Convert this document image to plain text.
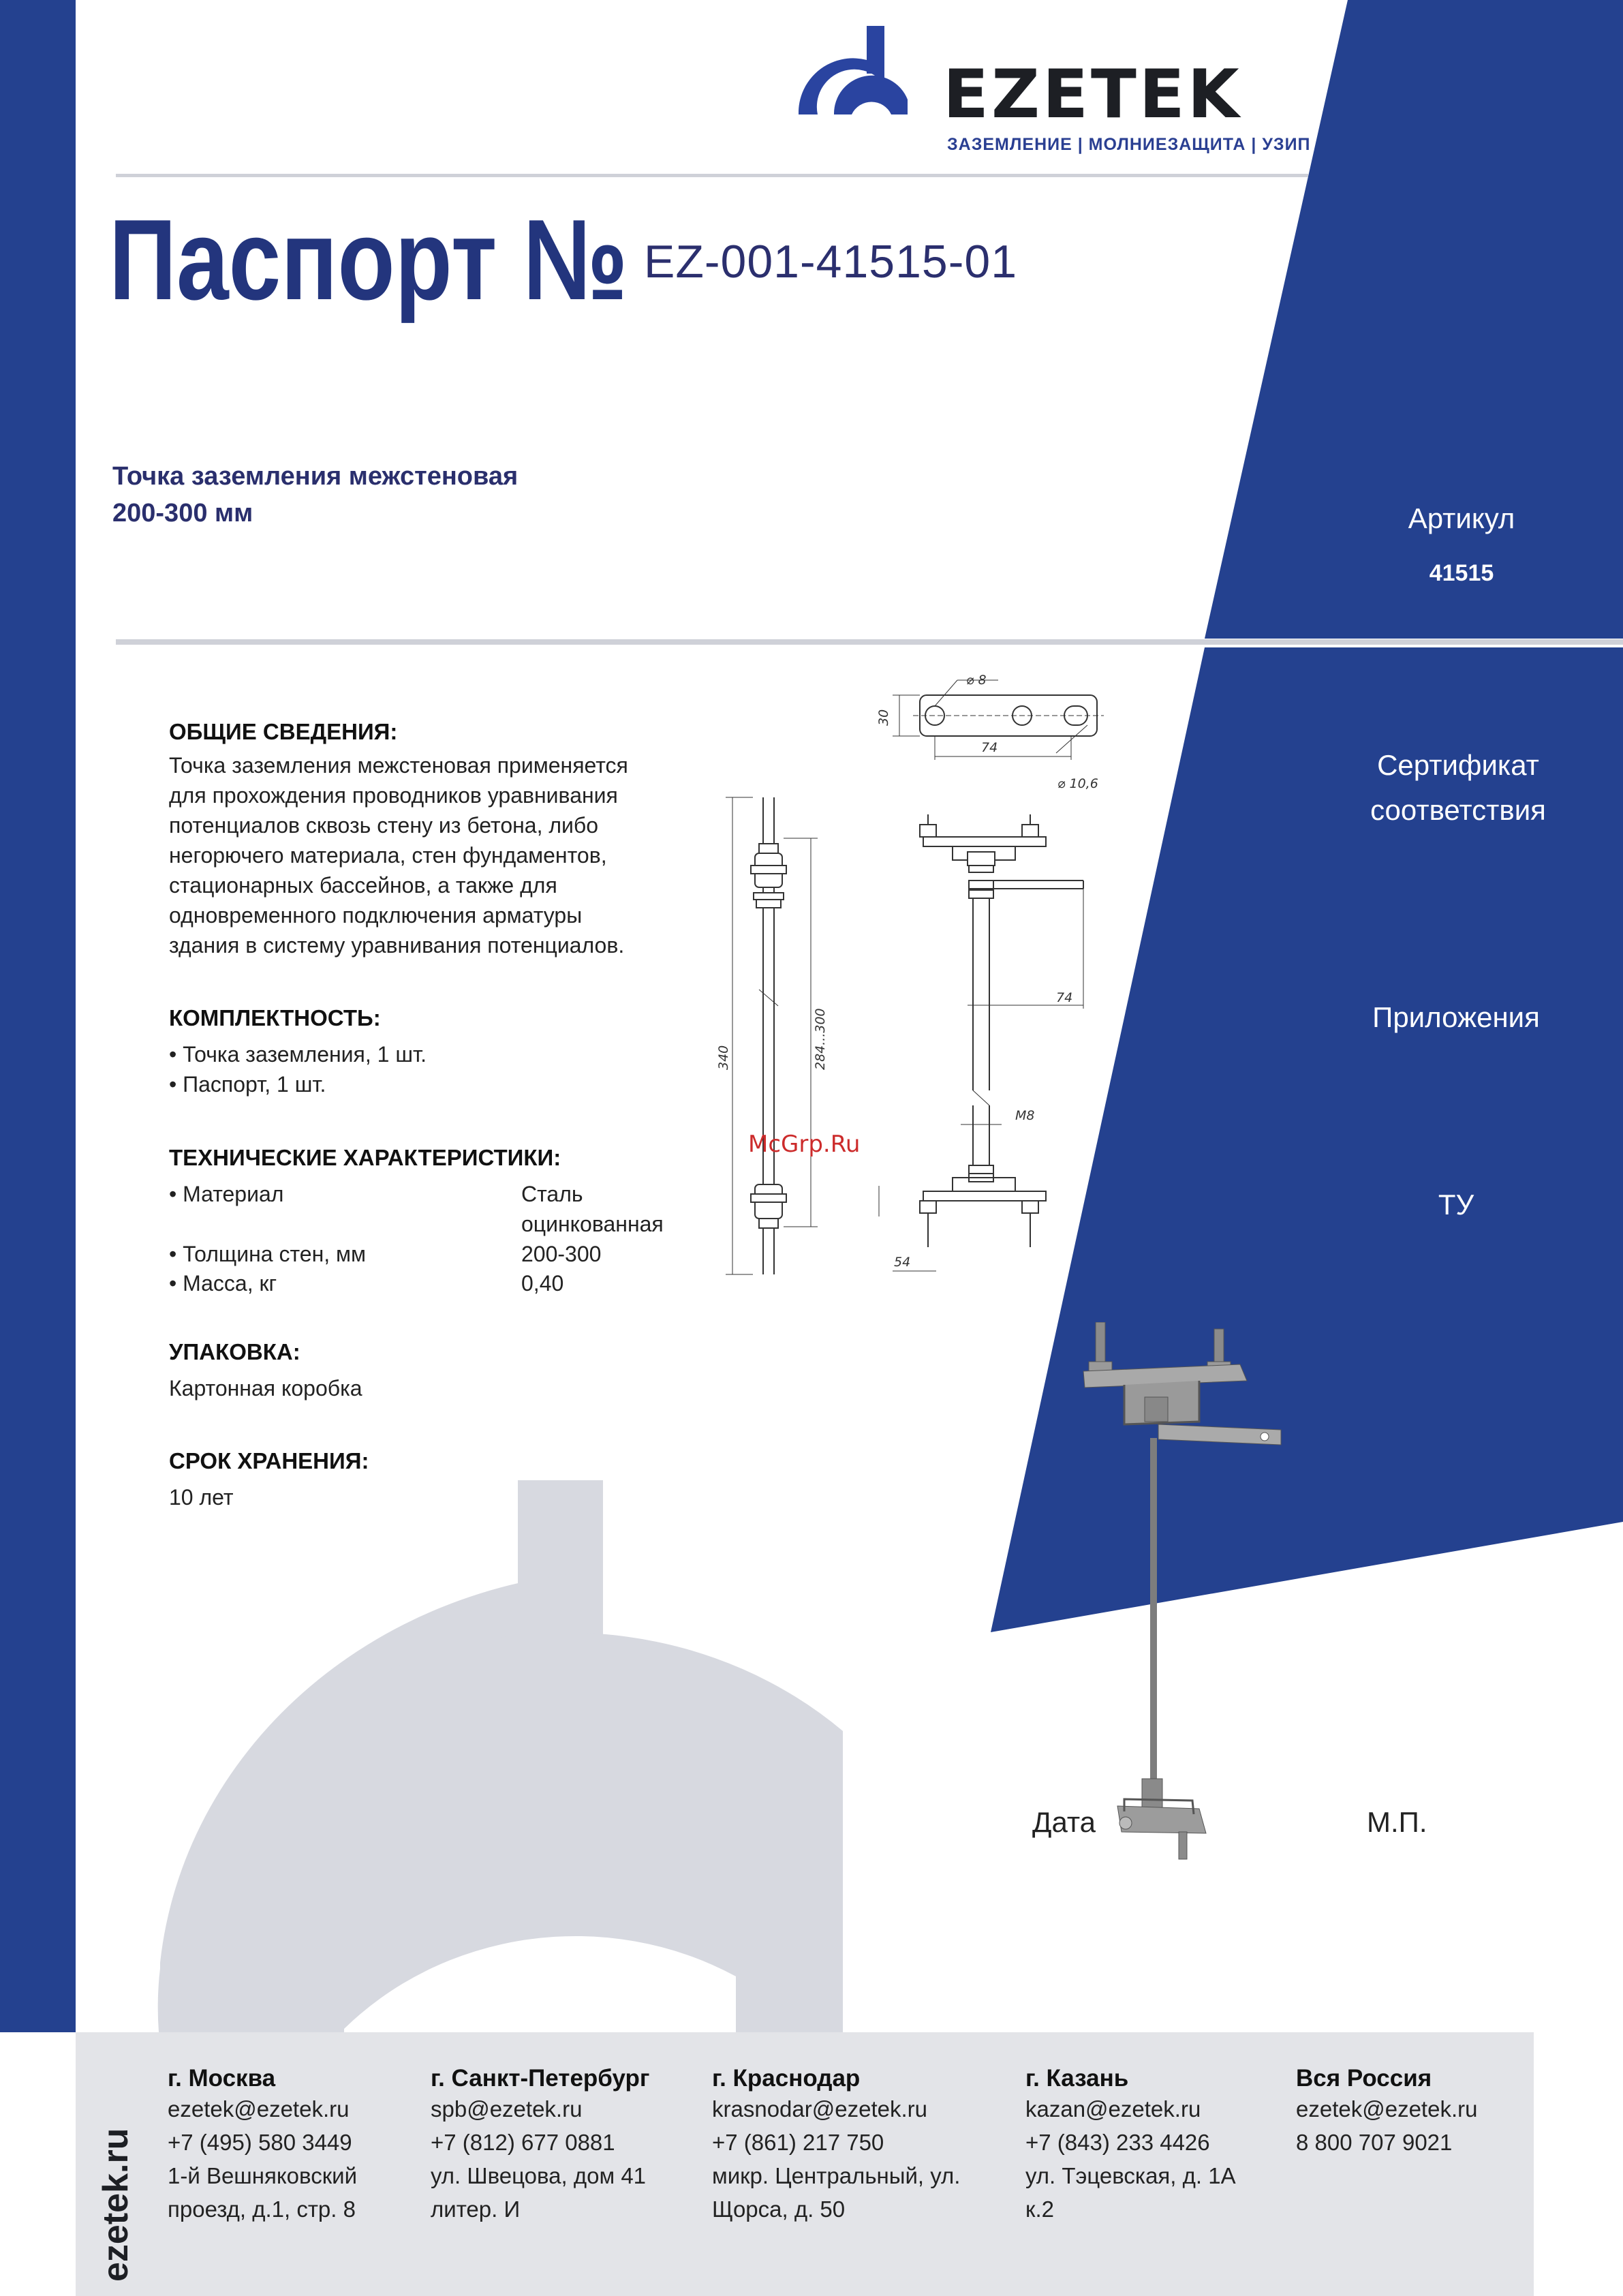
EZETEK
ЗАЗЕМЛЕНИЕ | МОЛНИЕЗАЩИТА | УЗИП
Паспорт № EZ-001-41515-01
Точка заземления межстеновая
200-300 мм	Артикул
41515
Сертификат
соответствия
Приложения
ТУ
ОБЩИЕ СВЕДЕНИЯ:
Точка заземления межстеновая применяется
для прохождения проводников уравнивания
потенциалов сквозь стену из бетона, либо
негорючего материала, стен фундаментов,
стационарных бассейнов, а также для
одновременного подключения арматуры
здания в систему уравнивания потенциалов.
КОМПЛЕКТНОСТЬ:
• Точка заземления, 1 шт.
• Паспорт, 1 шт.
ТЕХНИЧЕСКИЕ ХАРАКТЕРИСТИКИ:
• Материал	Сталь
оцинкованная
• Толщина стен, мм	200-300
• Масса, кг	0,40
УПАКОВКА:
Картонная коробка
СРОК ХРАНЕНИЯ:
10 лет
⌀ 8
74
30
⌀ 10,6
74
M8
54
340	284...300
McGrp.Ru
Дата	М.П.
ezetek.ru
г. Москва
ezetek@ezetek.ru
+7 (495) 580 3449
1-й Вешняковский
проезд, д.1, стр. 8
г. Санкт-Петербург
spb@ezetek.ru
+7 (812) 677 0881
ул. Швецова, дом 41
литер. И
г. Краснодар
krasnodar@ezetek.ru
+7 (861) 217 750
микр. Центральный, ул.
Щорса, д. 50
г. Казань
kazan@ezetek.ru
+7 (843) 233 4426
ул. Тэцевская, д. 1А
к.2
Вся Россия
ezetek@ezetek.ru
8 800 707 9021
